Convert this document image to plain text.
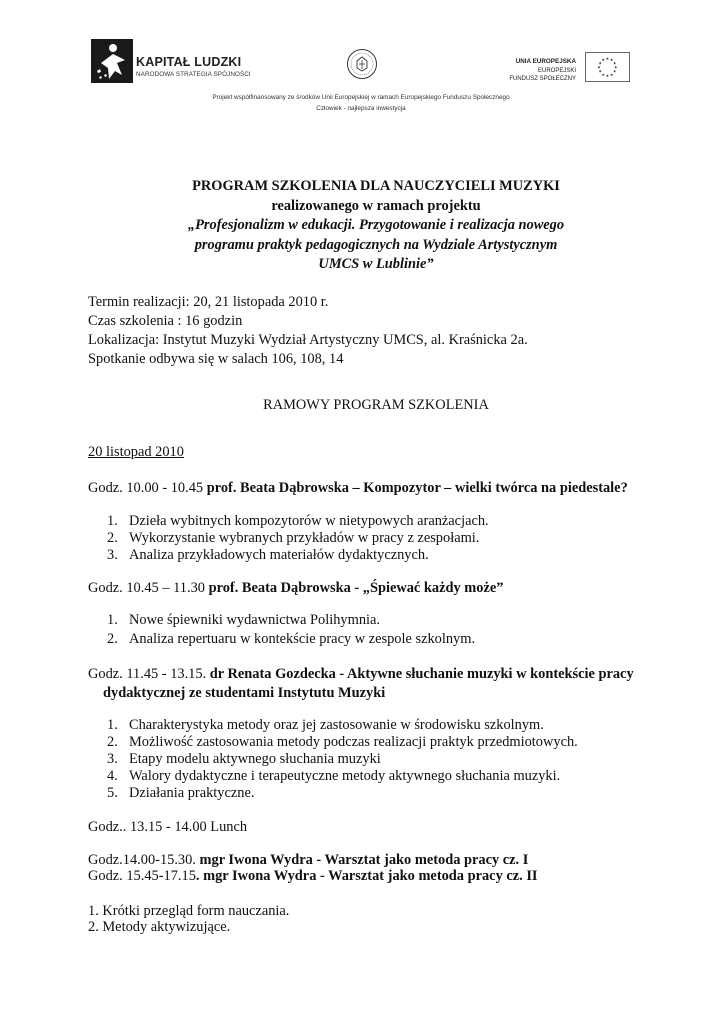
KAPITAŁ LUDZKI
NARODOWA STRATEGIA SPÓJNOŚCI
UNIA EUROPEJSKA
EUROPEJSKI
FUNDUSZ SPOŁECZNY
★ ★
★
★
★
★
★
★
★
★
★
★
Projekt współfinansowany ze środków Unii Europejskiej w ramach Europejskiego Funduszu Społecznego
Człowiek - najlepsza inwestycja
PROGRAM SZKOLENIA DLA NAUCZYCIELI MUZYKI
realizowanego w ramach projektu
„Profesjonalizm w edukacji. Przygotowanie i realizacja nowego
programu praktyk pedagogicznych na Wydziale Artystycznym
UMCS w Lublinie”
Termin realizacji: 20, 21 listopada 2010 r.
Czas szkolenia : 16 godzin
Lokalizacja: Instytut Muzyki Wydział Artystyczny UMCS, al. Kraśnicka 2a.
Spotkanie odbywa się w salach 106, 108, 14
RAMOWY PROGRAM SZKOLENIA
20 listopad 2010
Godz. 10.00 - 10.45 prof. Beata Dąbrowska – Kompozytor – wielki twórca na piedestale?
1. Dzieła wybitnych kompozytorów w nietypowych aranżacjach.
2. Wykorzystanie wybranych przykładów w pracy z zespołami.
3. Analiza przykładowych materiałów dydaktycznych.
Godz. 10.45 – 11.30 prof. Beata Dąbrowska - „Śpiewać każdy może”
1. Nowe śpiewniki wydawnictwa Polihymnia.
2. Analiza repertuaru w kontekście pracy w zespole szkolnym.
Godz. 11.45 - 13.15. dr Renata Gozdecka - Aktywne słuchanie muzyki w kontekście pracy
dydaktycznej ze studentami Instytutu Muzyki
1. Charakterystyka metody oraz jej zastosowanie w środowisku szkolnym.
2. Możliwość zastosowania metody podczas realizacji praktyk przedmiotowych.
3. Etapy modelu aktywnego słuchania muzyki
4. Walory dydaktyczne i terapeutyczne metody aktywnego słuchania muzyki.
5. Działania praktyczne.
Godz.. 13.15 - 14.00 Lunch
Godz.14.00-15.30. mgr Iwona Wydra - Warsztat jako metoda pracy cz. I
Godz. 15.45-17.15. mgr Iwona Wydra - Warsztat jako metoda pracy cz. II
1. Krótki przegląd form nauczania.
2. Metody aktywizujące.
